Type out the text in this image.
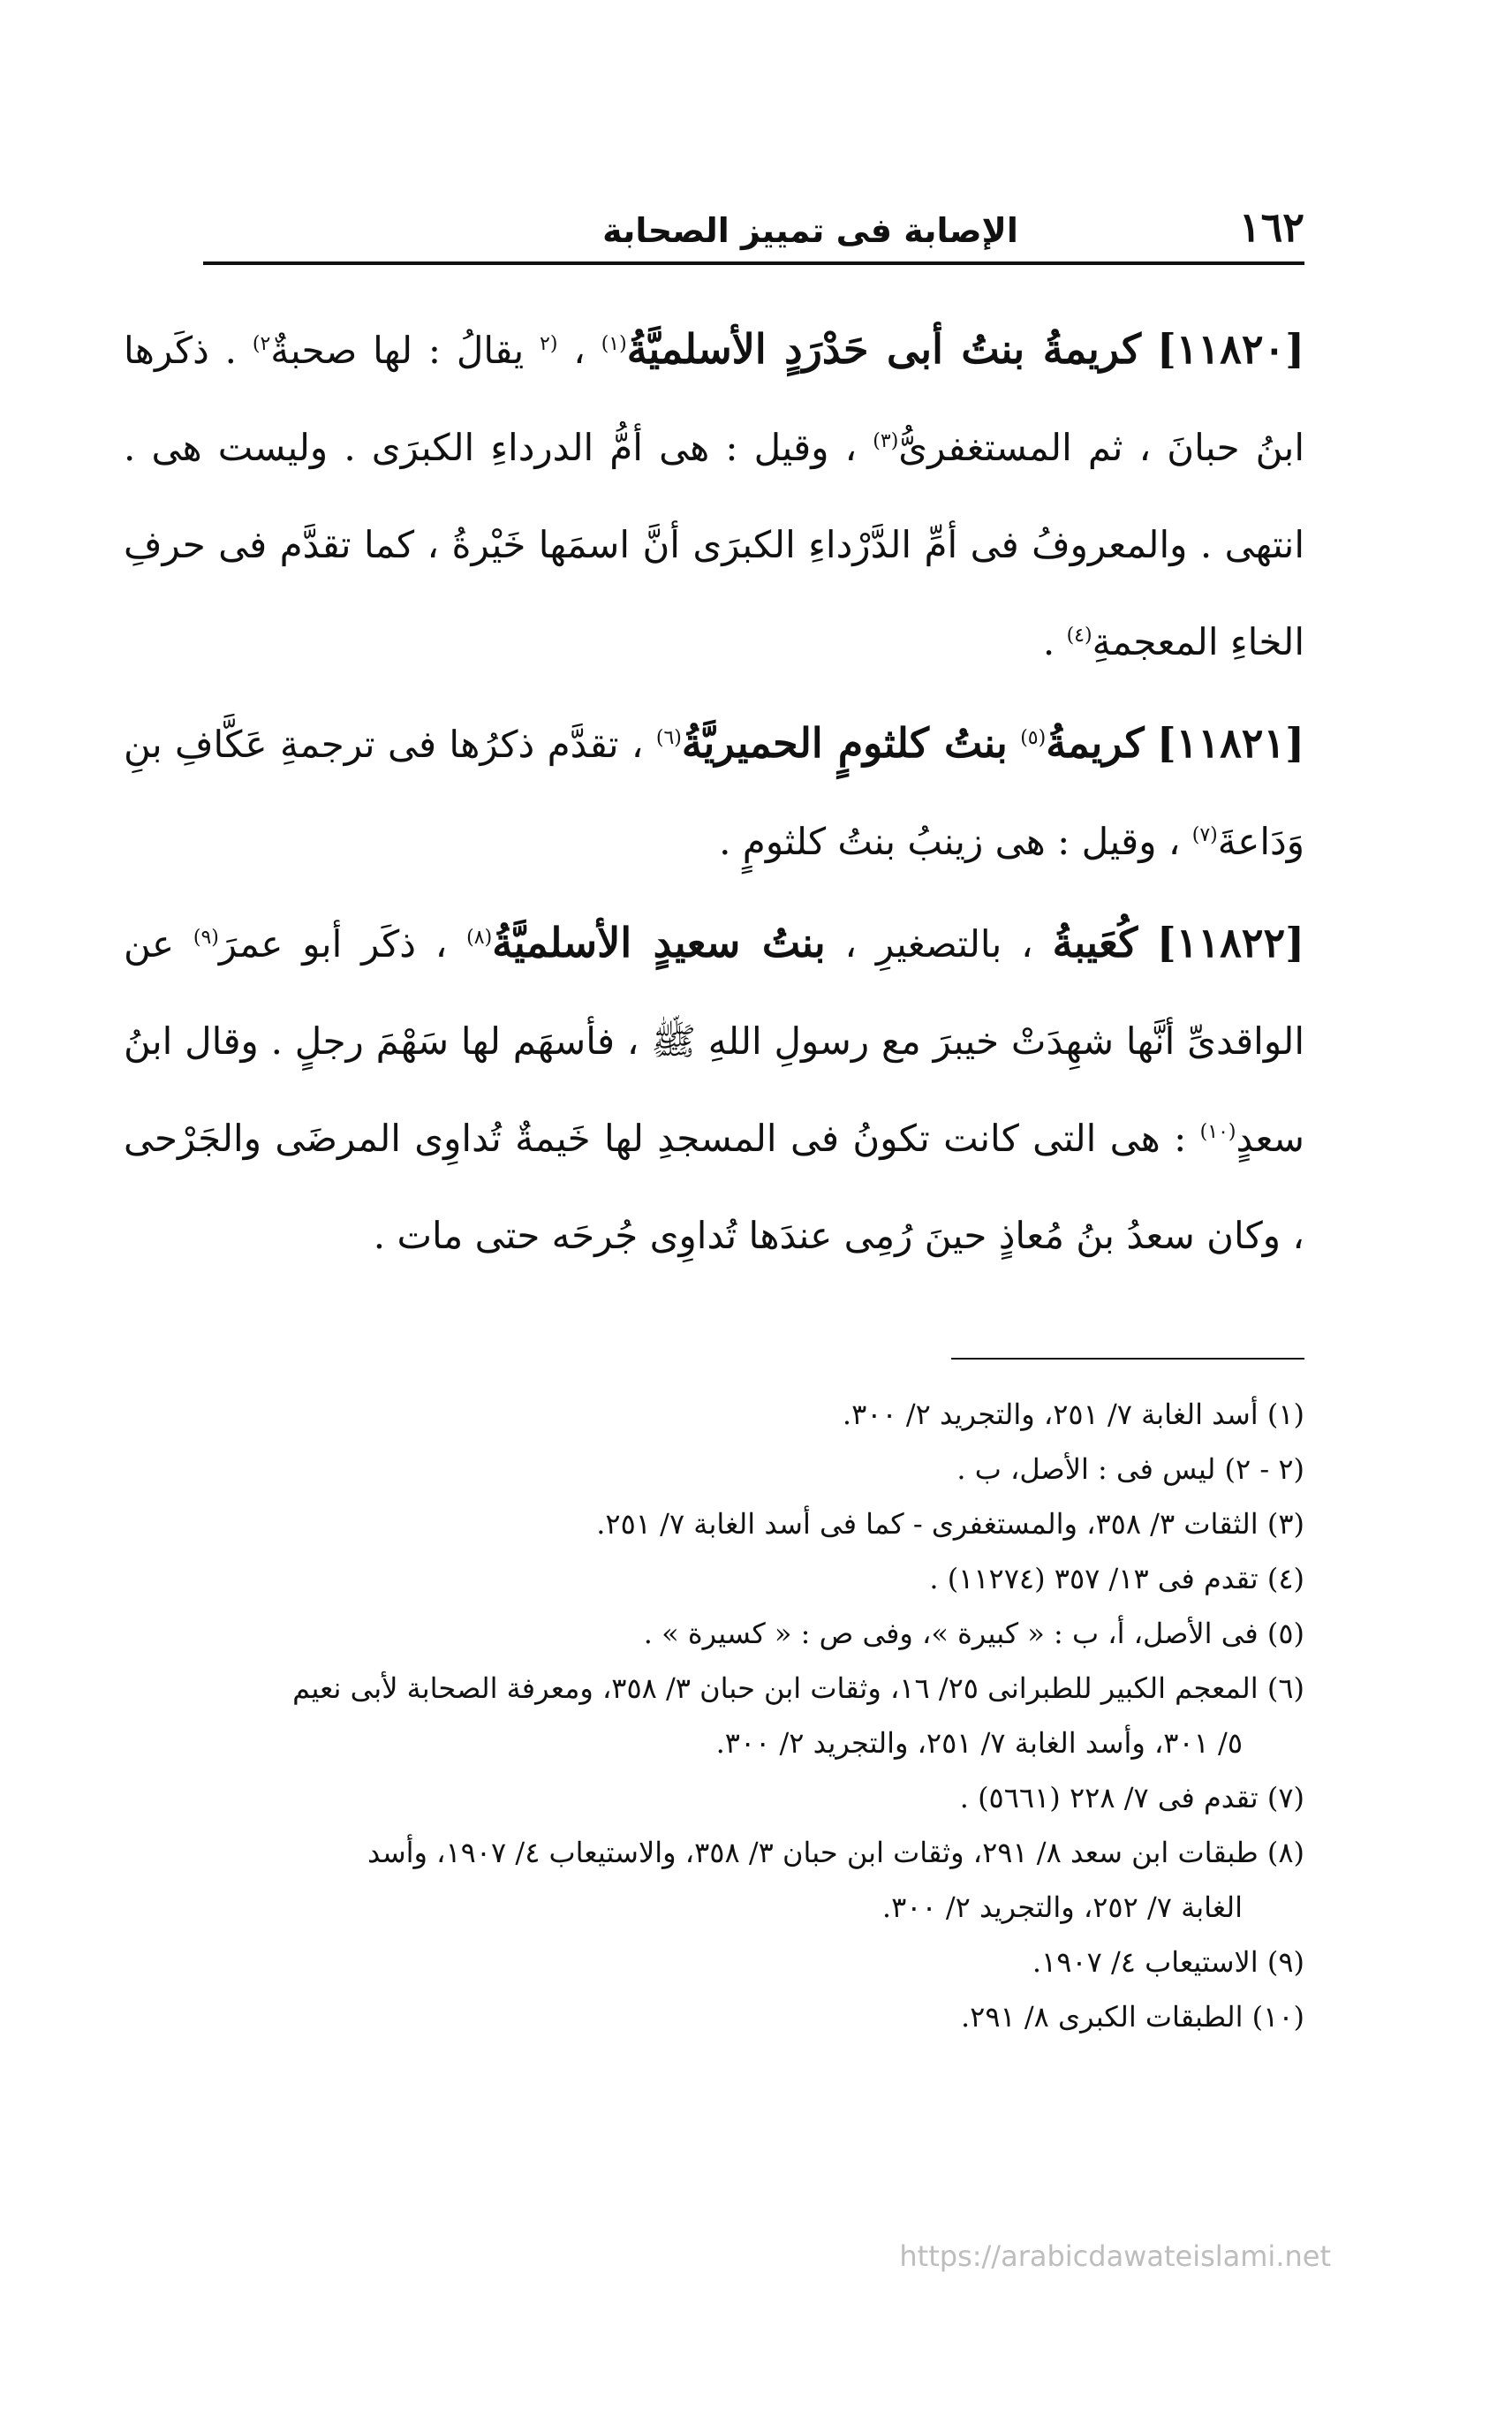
١٦٢
الإصابة فى تمييز الصحابة

[١١٨٢٠] كريمةُ بنتُ أبى حَدْرَدٍ الأسلميَّةُ$^{(١)}$ ، $^{(٢}$ يقالُ : لها صحبةٌ$^{٢)}$ . ذكَرها ابنُ حبانَ ، ثم المستغفرىُّ$^{(٣)}$ ، وقيل : هى أمُّ الدرداءِ الكبرَى . وليست هى . انتهى . والمعروفُ فى أمِّ الدَّرْداءِ الكبرَى أنَّ اسمَها خَيْرةُ ، كما تقدَّم فى حرفِ الخاءِ المعجمةِ$^{(٤)}$ .

[١١٨٢١] كريمةُ$^{(٥)}$ بنتُ كلثومٍ الحميريَّةُ$^{(٦)}$ ، تقدَّم ذكرُها فى ترجمةِ عَكَّافِ بنِ وَدَاعةَ$^{(٧)}$ ، وقيل : هى زينبُ بنتُ كلثومٍ .

[١١٨٢٢] كُعَيبةُ ، بالتصغيرِ ، بنتُ سعيدٍ الأسلميَّةُ$^{(٨)}$ ، ذكَر أبو عمرَ$^{(٩)}$ عن الواقدىِّ أنَّها شهِدَتْ خيبرَ مع رسولِ اللهِ ﷺ ، فأسهَم لها سَهْمَ رجلٍ . وقال ابنُ سعدٍ$^{(١٠)}$ : هى التى كانت تكونُ فى المسجدِ لها خَيمةٌ تُداوِى المرضَى والجَرْحى ، وكان سعدُ بنُ مُعاذٍ حينَ رُمِى عندَها تُداوِى جُرحَه حتى مات .

(١) أسد الغابة ٧/ ٢٥١، والتجريد ٢/ ٣٠٠.

(٢ - ٢) ليس فى : الأصل، ب .

(٣) الثقات ٣/ ٣٥٨، والمستغفرى - كما فى أسد الغابة ٧/ ٢٥١.

(٤) تقدم فى ١٣/ ٣٥٧ (١١٢٧٤) .

(٥) فى الأصل، أ، ب : « كبيرة »، وفى ص : « كسيرة » .

(٦) المعجم الكبير للطبرانى ٢٥/ ١٦، وثقات ابن حبان ٣/ ٣٥٨، ومعرفة الصحابة لأبى نعيم

٥/ ٣٠١، وأسد الغابة ٧/ ٢٥١، والتجريد ٢/ ٣٠٠.

(٧) تقدم فى ٧/ ٢٢٨ (٥٦٦١) .

(٨) طبقات ابن سعد ٨/ ٢٩١، وثقات ابن حبان ٣/ ٣٥٨، والاستيعاب ٤/ ١٩٠٧، وأسد

الغابة ٧/ ٢٥٢، والتجريد ٢/ ٣٠٠.

(٩) الاستيعاب ٤/ ١٩٠٧.

(١٠) الطبقات الكبرى ٨/ ٢٩١.

https://arabicdawateislami.net
